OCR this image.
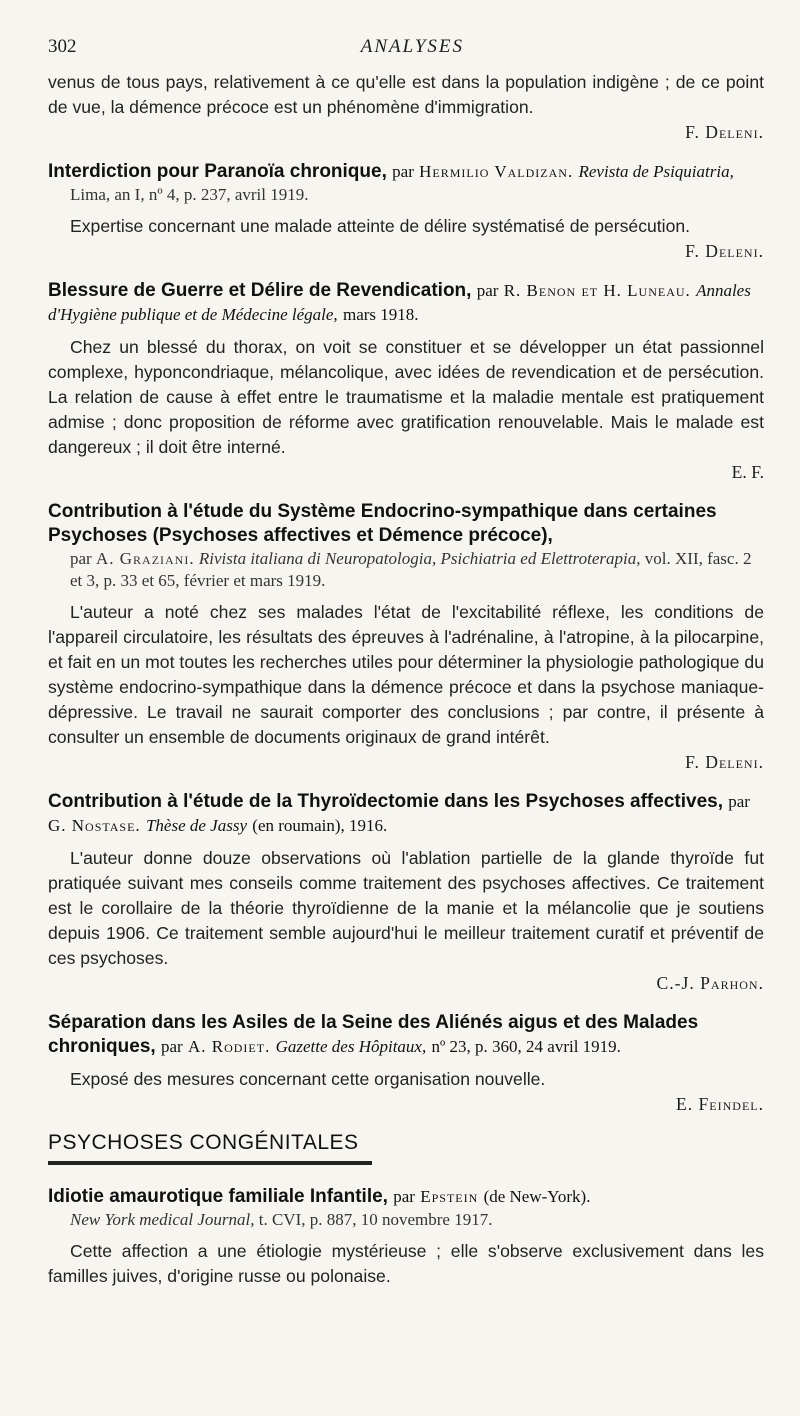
302	ANALYSES

venus de tous pays, relativement à ce qu'elle est dans la population indigène ; de ce point de vue, la démence précoce est un phénomène d'immigration.

F. Deleni.

Interdiction pour Paranoïa chronique, par Hermilio Valdizan. Revista de Psiquiatria,
Lima, an I, nº 4, p. 237, avril 1919.

Expertise concernant une malade atteinte de délire systématisé de persécution.

F. Deleni.

Blessure de Guerre et Délire de Revendication, par R. Benon et H. Luneau. Annales d'Hygiène publique et de Médecine légale, mars 1918.

Chez un blessé du thorax, on voit se constituer et se développer un état passionnel complexe, hyponcondriaque, mélancolique, avec idées de revendication et de persécution. La relation de cause à effet entre le traumatisme et la maladie mentale est pratiquement admise ; donc proposition de réforme avec gratification renouvelable. Mais le malade est dangereux ; il doit être interné.

E. F.

Contribution à l'étude du Système Endocrino-sympathique dans certaines Psychoses (Psychoses affectives et Démence précoce),
par A. Graziani. Rivista italiana di Neuropatologia, Psichiatria ed Elettroterapia, vol. XII, fasc. 2 et 3, p. 33 et 65, février et mars 1919.

L'auteur a noté chez ses malades l'état de l'excitabilité réflexe, les conditions de l'appareil circulatoire, les résultats des épreuves à l'adrénaline, à l'atropine, à la pilocarpine, et fait en un mot toutes les recherches utiles pour déterminer la physiologie pathologique du système endocrino-sympathique dans la démence précoce et dans la psychose maniaque-dépressive. Le travail ne saurait comporter des conclusions ; par contre, il présente à consulter un ensemble de documents originaux de grand intérêt.

F. Deleni.

Contribution à l'étude de la Thyroïdectomie dans les Psychoses affectives, par G. Nostase. Thèse de Jassy (en roumain), 1916.

L'auteur donne douze observations où l'ablation partielle de la glande thyroïde fut pratiquée suivant mes conseils comme traitement des psychoses affectives. Ce traitement est le corollaire de la théorie thyroïdienne de la manie et la mélancolie que je soutiens depuis 1906. Ce traitement semble aujourd'hui le meilleur traitement curatif et préventif de ces psychoses.

C.-J. Parhon.

Séparation dans les Asiles de la Seine des Aliénés aigus et des Malades chroniques, par A. Rodiet. Gazette des Hôpitaux, nº 23, p. 360, 24 avril 1919.

Exposé des mesures concernant cette organisation nouvelle.

E. Feindel.

PSYCHOSES CONGÉNITALES
Idiotie amaurotique familiale Infantile, par Epstein (de New-York).
New York medical Journal, t. CVI, p. 887, 10 novembre 1917.

Cette affection a une étiologie mystérieuse ; elle s'observe exclusivement dans les familles juives, d'origine russe ou polonaise.
